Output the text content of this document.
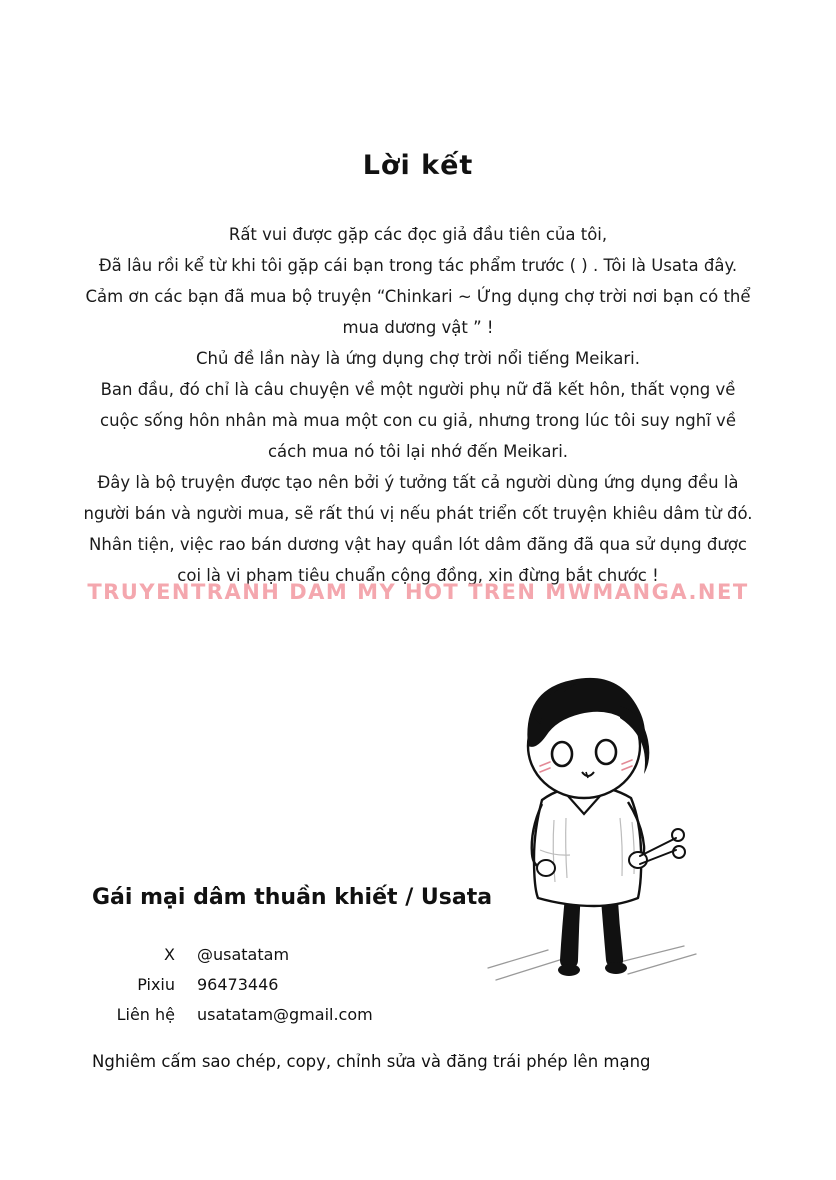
Lời kết

Rất vui được gặp các đọc giả đầu tiên của tôi,

Đã lâu rồi kể từ khi tôi gặp cái bạn trong tác phẩm trước ( ) . Tôi là Usata đây.

Cảm ơn các bạn đã mua bộ truyện “Chinkari ~ Ứng dụng chợ trời nơi bạn có thể

mua dương vật ” !

Chủ đề lần này là ứng dụng chợ trời nổi tiếng Meikari.

Ban đầu, đó chỉ là câu chuyện về một người phụ nữ đã kết hôn, thất vọng về

cuộc sống hôn nhân mà mua một con cu giả, nhưng trong lúc tôi suy nghĩ về

cách mua nó tôi lại nhớ đến Meikari.

Đây là bộ truyện được tạo nên bởi ý tưởng tất cả người dùng ứng dụng đều là

người bán và người mua, sẽ rất thú vị nếu phát triển cốt truyện khiêu dâm từ đó.

Nhân tiện, việc rao bán dương vật hay quần lót dâm đãng đã qua sử dụng được

coi là vi phạm tiêu chuẩn cộng đồng, xin đừng bắt chước !

TRUYENTRANH DAM MY HOT TREN MWMANGA.NET
Gái mại dâm thuần khiết / Usata
X	@usatatam
Pixiu	96473446
Liên hệ	usatatam@gmail.com
Nghiêm cấm sao chép, copy, chỉnh sửa và đăng trái phép lên mạng
